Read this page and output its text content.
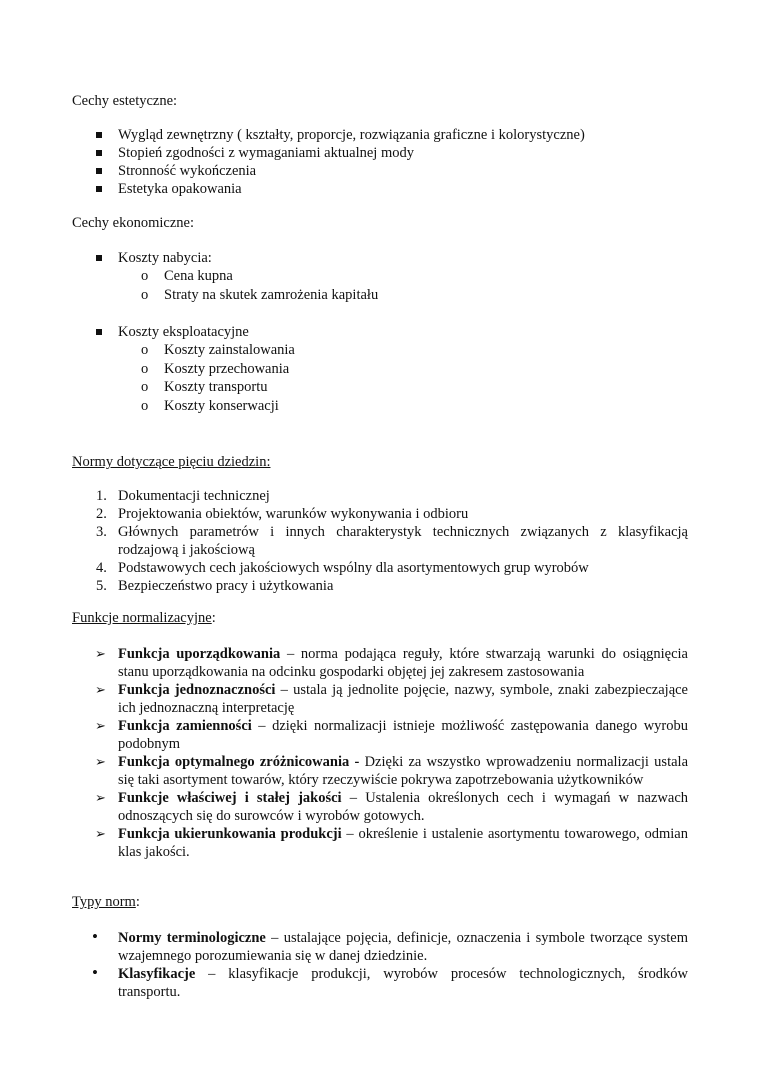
Cechy estetyczne:
Wygląd zewnętrzny ( kształty, proporcje, rozwiązania graficzne i kolorystyczne)
Stopień zgodności z wymaganiami aktualnej mody
Stronność wykończenia
Estetyka opakowania
Cechy ekonomiczne:
Koszty nabycia:
o Cena kupna
o Straty na skutek zamrożenia kapitału
Koszty eksploatacyjne
o Koszty zainstalowania
o Koszty przechowania
o Koszty transportu
o Koszty konserwacji
Normy dotyczące pięciu dziedzin:
1. Dokumentacji technicznej
2. Projektowania obiektów, warunków wykonywania i odbioru
3. Głównych parametrów i innych charakterystyk technicznych związanych z klasyfikacją rodzajową i jakościową
4. Podstawowych cech jakościowych wspólny dla asortymentowych grup wyrobów
5. Bezpieczeństwo pracy i użytkowania
Funkcje normalizacyjne:
➢ Funkcja uporządkowania – norma podająca reguły, które stwarzają warunki do osiągnięcia stanu uporządkowania na odcinku gospodarki objętej jej zakresem zastosowania
➢ Funkcja jednoznaczności – ustala ją jednolite pojęcie, nazwy, symbole, znaki zabezpieczające ich jednoznaczną interpretację
➢ Funkcja zamienności – dzięki normalizacji istnieje możliwość zastępowania danego wyrobu podobnym
➢ Funkcja optymalnego zróżnicowania - Dzięki za wszystko wprowadzeniu normalizacji ustala się taki asortyment towarów, który rzeczywiście pokrywa zapotrzebowania użytkowników
➢ Funkcje właściwej i stałej jakości – Ustalenia określonych cech i wymagań w nazwach odnoszących się do surowców i wyrobów gotowych.
➢ Funkcja ukierunkowania produkcji – określenie i ustalenie asortymentu towarowego, odmian klas jakości.
Typy norm:
• Normy terminologiczne – ustalające pojęcia, definicje, oznaczenia i symbole tworzące system wzajemnego porozumiewania się w danej dziedzinie.
• Klasyfikacje – klasyfikacje produkcji, wyrobów procesów technologicznych, środków transportu.
